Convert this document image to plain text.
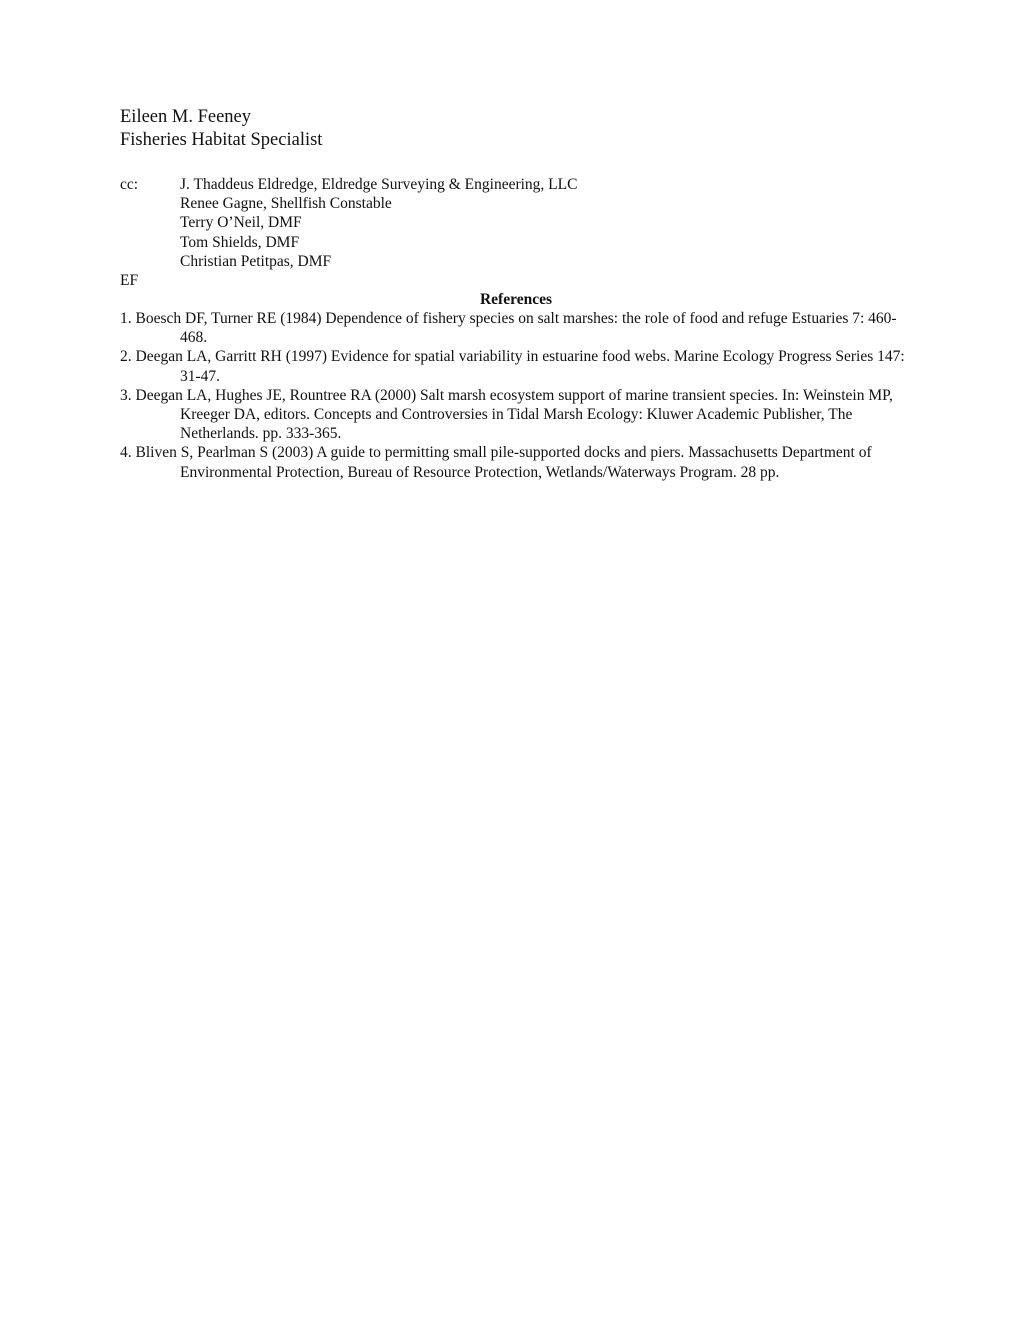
Eileen M. Feeney
Fisheries Habitat Specialist
cc:	J. Thaddeus Eldredge, Eldredge Surveying & Engineering, LLC
Renee Gagne, Shellfish Constable
Terry O’Neil, DMF
Tom Shields, DMF
Christian Petitpas, DMF
EF
References
1. Boesch DF, Turner RE (1984) Dependence of fishery species on salt marshes: the role of food and refuge Estuaries 7: 460-468.
2. Deegan LA, Garritt RH (1997) Evidence for spatial variability in estuarine food webs. Marine Ecology Progress Series 147: 31-47.
3. Deegan LA, Hughes JE, Rountree RA (2000) Salt marsh ecosystem support of marine transient species. In: Weinstein MP, Kreeger DA, editors. Concepts and Controversies in Tidal Marsh Ecology: Kluwer Academic Publisher, The Netherlands. pp. 333-365.
4. Bliven S, Pearlman S (2003) A guide to permitting small pile-supported docks and piers. Massachusetts Department of Environmental Protection, Bureau of Resource Protection, Wetlands/Waterways Program. 28 pp.
